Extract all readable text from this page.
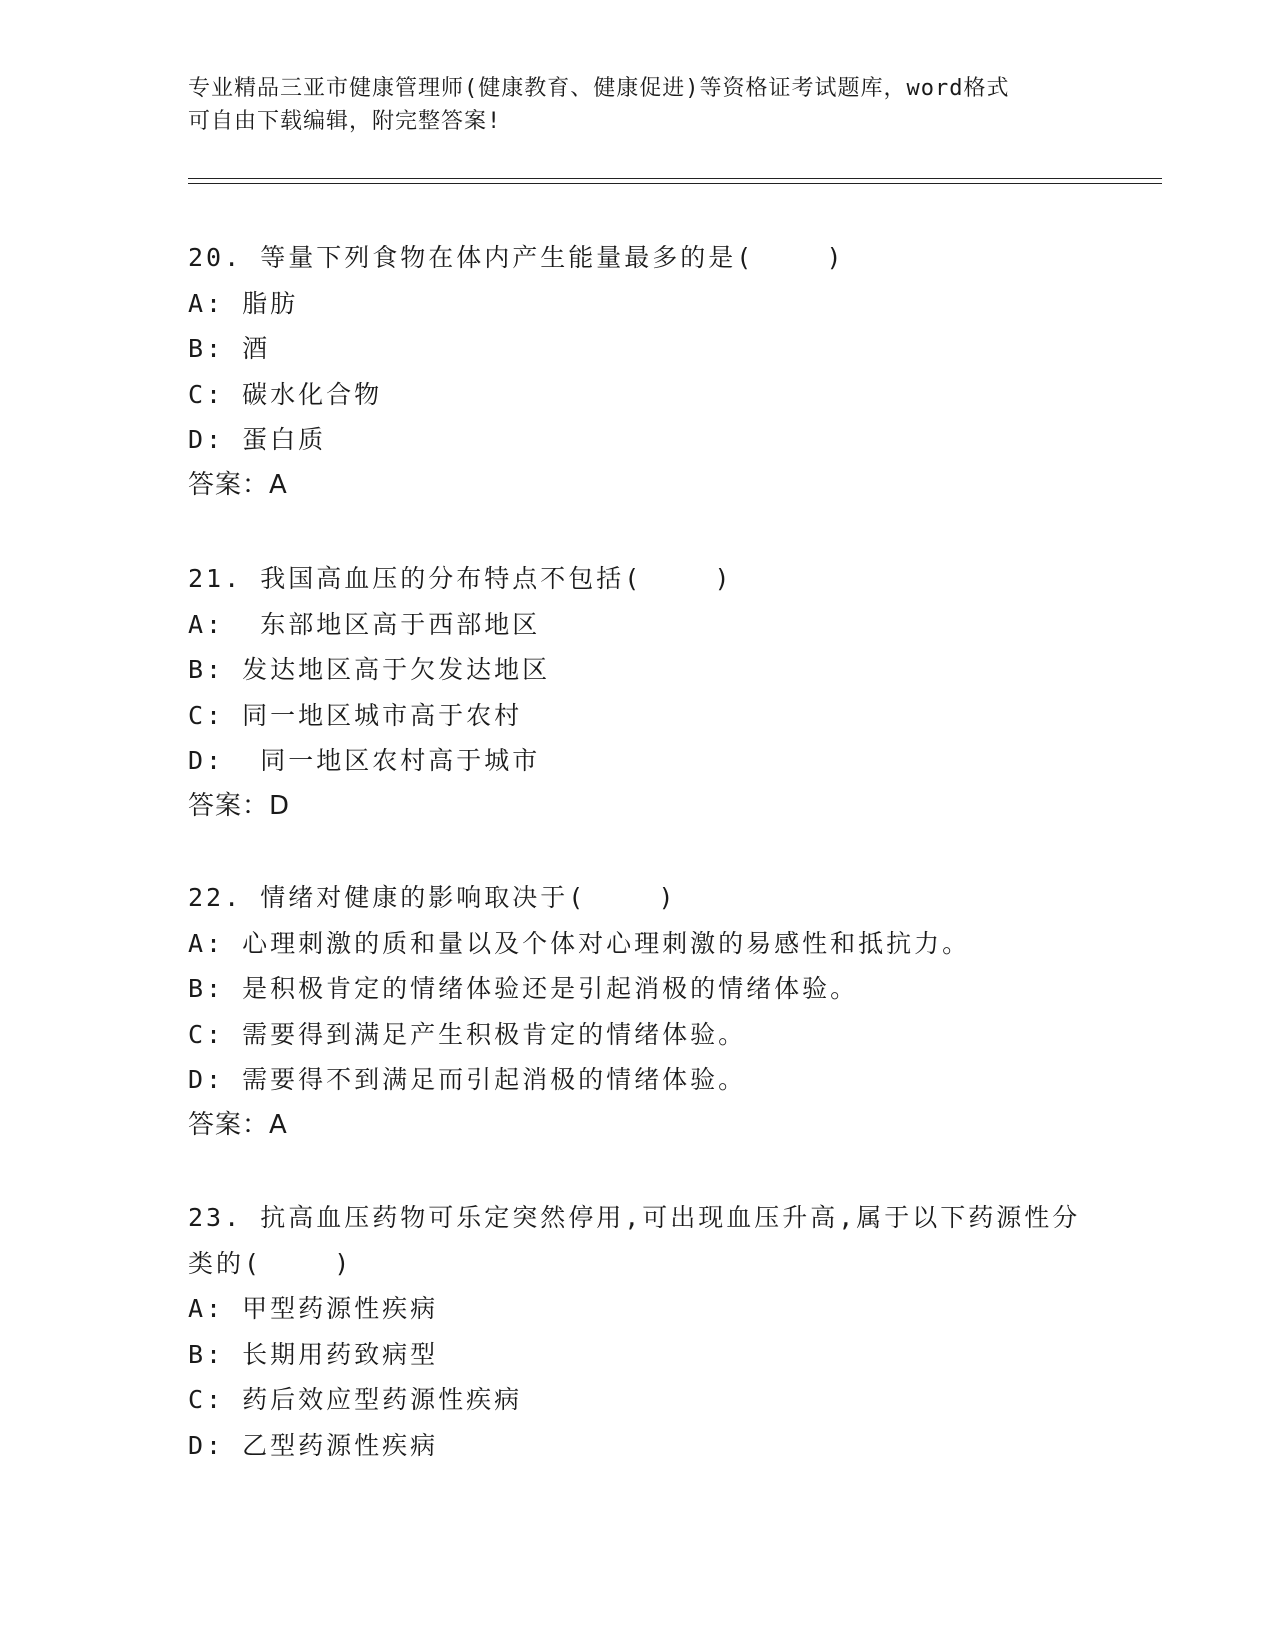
专业精品三亚市健康管理师(健康教育、健康促进)等资格证考试题库，word格式
可自由下载编辑，附完整答案!
20. 等量下列食物在体内产生能量最多的是(    )
A: 脂肪
B: 酒
C: 碳水化合物
D: 蛋白质
答案：A
21. 我国高血压的分布特点不包括(    )
A:  东部地区高于西部地区
B: 发达地区高于欠发达地区
C: 同一地区城市高于农村
D:  同一地区农村高于城市
答案：D
22. 情绪对健康的影响取决于(    )
A: 心理刺激的质和量以及个体对心理刺激的易感性和抵抗力。
B: 是积极肯定的情绪体验还是引起消极的情绪体验。
C: 需要得到满足产生积极肯定的情绪体验。
D: 需要得不到满足而引起消极的情绪体验。
答案：A
23. 抗高血压药物可乐定突然停用,可出现血压升高,属于以下药源性分类的(    )
A: 甲型药源性疾病
B: 长期用药致病型
C: 药后效应型药源性疾病
D: 乙型药源性疾病
